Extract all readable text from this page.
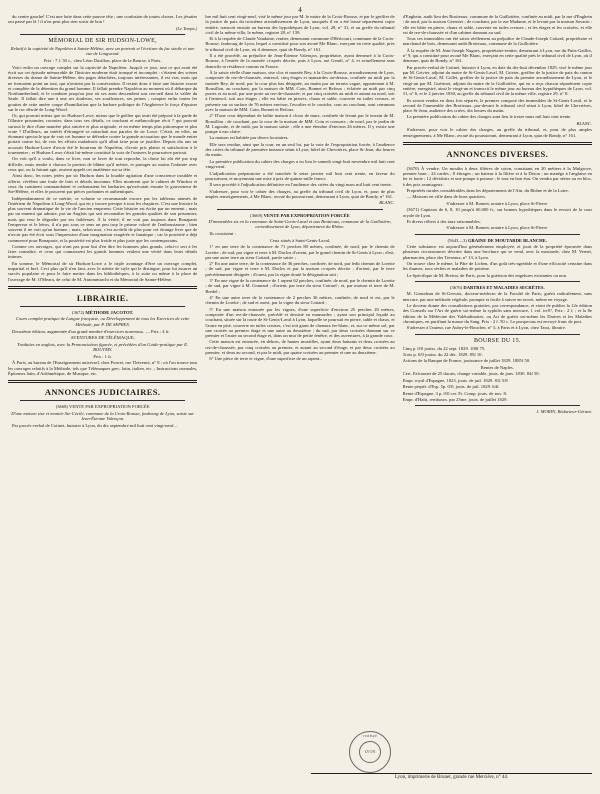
4

du centre gauche! C'est une lutte dans cette pauvre tête ; une confusion de toutes choses. Les jésuites out passé par là ! il n'en peut plus rien sortir de bon !

(Le Temps.)

MÉMORIAL DE SIR HUDSON-LOWE,
Relatif à la captivité de Napoléon à Sainte-Hélène, avec un portrait et l'écriture du fac simile et une vue de Longwood.

Prix : 7 f. 50 c., chez Léon Dusillon, place de la Bourse, à Paris.

Voici enfin un ouvrage complet sur la captivité de Napoléon. Jusqu'à ce jour, tout ce qui avait été écrit sur cet épisode mémorable de l'histoire moderne était tronqué et incomplet : c'étaient des scènes diverses du drame de Sainte-Hélène, des pages détachées, toujours intéressantes, il est vrai, mais qui ne formaient point un tout, qui n'avaient pas la consécration. Il restait donc à faire une histoire exacte et complète de la détention du grand homme. Il fallait prendre Napoléon au moment où il débarque du Northumberland, et le conduire jusqu'au jour où ses amis descendent son cercueil dans la vallée du Saule. Il fallait dire une à une ses douleurs, ses souffrances, ses peines ; compter enfin toutes les gouttes de cette amère coupe d'humiliation que la barbare politique de l'Angleterre le força d'épuiser sur le roc désolé de Long-Wood.

Or, qui pouvait mieux que sir Hudson-Lowe, mieux que le geôlier qui avait été préposé à la garde de l'illustre prisonnier, raconter, dans tous ses détails, ce touchant et mélancolique récit ? qui pouvait surtout le dire d'une manière plus sincère et plus originale, et en même temps plus pittoresque et plus vraie ? D'ailleurs, un intérêt d'étrangeté se rattachait aux paroles de sir Lowe. C'était, en effet, un étonnant spectacle que de voir cet homme se défendre contre la grande accusation que le monde entier portait contre lui, de voir les efforts maladroits qu'il allait faire pour se justifier. Depuis dix ans on accusait Hudson-Lowe d'avoir été le bourreau de Napoléon, d'avoir pris plaisir et satisfaction à le tourmenter ; et Hudson-Lowe s'était lui-même constitué la voix de l'univers le poursuivre partout.

On voit qu'il a voulu, dans ce livre, non se laver de tout reproche, la chose lui eût été par trop difficile, mais rendre à chacun la portion de blâme qu'il mérite, et partager au moins l'infamie avec ceux qui, ou la faisant agir, avaient appelé cet anathème sur sa tête.

Ainsi donc, les notes jetées par sir Hudson dans la louable agitation d'une conscience troublée et offerte, révèlent une foule de faits et détails inconnus. Elles montrent que le cabinet de Windsor et ceux du continent commandaient et ordonnaient les barbaries qu'exécutait ensuite le gouverneur de Ste-Hélène, et elles le prouvent par pièces probantes et authentiques.

Indépendamment de ce mérite, ce volume se recommande encore par les tableaux animés de l'intérieur de Napoléon à Long-Wood, qui en y trouve presque à tous les chapitres. C'est une histoire la plus souvent dramatique de la vie de l'ancien empereur. Cette histoire est écrite par un ennemi ; mais par un ennemi qui admire, par un Anglais qui sait reconnaître les grandes qualités de son prisonnier, mais qui veut le dégrader par ses faiblesses. À la vérité, il ne voit pas toujours dans Bonaparte l'empereur et le héros, il n'a pas sous ce sens un peu trop le prisme coloré de l'enthousiasme ; bien souvent il ne voit qu'un homme ; mais, selon moi, c'est au-delà de plus pour cet étrange livre que de n'avoir pas été écrit sous l'impression d'une imagination exagérée et fanatique ; car la postérité a déjà commencé pour Bonaparte, et la postérité est plus froide et plus juste que les contemporains.

Comme ces ouvrages, qui n'ont pas pour but d'en dire les hommes plus grands, celui-ci sert à les faire connaître, et ceux qui connaissent les grands hommes veulent une vérité dans leurs détails intimes.

En somme, le Mémorial de sir Hudson-Lowe a le triple avantage d'être un ouvrage complet, impartial et bref. Ceci plus qu'il n'en faut, avec le mérite de style qui le distingue, pour lui assurer un succès populaire et pour le faire mettre dans les bibliothèques, à la suite ou même à la place de l'ouvrage de M. O'Meara, de celui de M. Antommarchi et du Mémorial de Sainte-Hélène.

LIBRAIRIE.

(3672) MÉTHODE JACOTOT.

Cours complet pratique de Langue française, ou Développement de tous les Exercices de cette Méthode, par P. DE SEPRES.

Deuxième édition, augmentée d'un grand nombre d'exercices nouveaux. — Prix : 4 fr.

AVENTURES DE TÉLÉMAQUE,

Traduites en anglais, avec la Prononciation figurée, et précédées d'un Guide-pratique par E. BOUTMY.

Prix : 1 fr.

À Paris, au bureau de l'Enseignement universel, chez Poncet, rue Thévenot, n° 8 ; où l'on trouve tous les ouvrages relatifs à la Méthode, tels que Télémaques grec, latin, italien, etc. ; Instructions normales, Épitomes latin, d'Arithmétique, de Musique, etc.

ANNONCES JUDICIAIRES.

(3668) VENTE PAR EXPROPRIATION FORCÉE

D'une maison sise et montée Ste-Cécile, commune de la Croix-Rousse, faubourg de Lyon, saisie sur Jean-Étienne Valençon.

Par procès-verbal de Cotinet, huissier à Lyon, du dix septembre mil huit cent vingt-neuf...

bre mil huit cent vingt-neuf, visé le même jour par M. le maire de la Croix-Rousse, et par le greffier de la justice de paix du troisième arrondissement de Lyon, auxquels il en a été laissé séparément copie entière, transcrit ensuite au bureau des hypothèques de Lyon, vol. 28, n° 31, et au greffe du tribunal civil de la même ville, le même, registre 28, n° 139.

Et à la requête de Claude Vaudaine, rentier, demeurant commune d'Héricourt, commune de la Croix-Rousse, faubourg de Lyon, lequel a constitué pour son avoué Me Blanc, exerçant en cette qualité, près le tribunal civil de Lyon, où il demeure, quai de Bondy, n° 161.

Il a été procédé, au préjudice de Jean-Étienne Valençon, propriétaire, ayant demeuré à la Croix-Rousse, à l'entrée de la montée ci-après décrite, puis à Lyon, rue Gentil, n° 4, et actuellement sans domicile ni résidence connus en France.

À la saisie réelle d'une maison, sise clos et montée Rey, à la Croix-Rousse, arrondissement de Lyon, composée de rez-de-chaussée, entresol, cinq étages et mansardes au-dessus, confinée au midi par la montée Rey, de nord, par la cour plus bas désignée, au matin par un terrain vague, appartenant à M. Rousillon, au couchant, par la maison de MM. Coin, Bonnet et Refoux ; éclairée au midi par cinq portes et au nord, par une porte au rez-de-chaussée, et par cinq croisées au midi et autant au nord, soit à l'entresol, soit aux étages ; elle est bâtie en pierres, chaux et sable, couverte en tuiles creuses, et présente sur sa surface de 76 mètres environ, l'escalier et le corridor, cour au couchant, sont communs avec la maison de MM. Coin, Bonnet et Refoux.

2° D'une cour dépendant de ladite maison à cloux de murs, confinée de levant par le terrain de M. Rousillon ; de couchant, par la cour de la maison de MM. Coin et consorts ; de nord, par le jardin de M. Lagoutte, et de midi, par la maison saisie ; elle a une étendue d'environ 26 mètres. Il y existe une pompe à eau claire.

La maison est habitée par divers locataires.

Elle sera vendue, ainsi que la cour, en un seul lot, par la voie de l'expropriation forcée, à l'audience des criées du tribunal de première instance séant à Lyon, hôtel de Chevrières, place St-Jean, dix heures du matin.

La première publication du cahier des charges a eu lieu le samedi vingt-huit novembre mil huit cent vingt-neuf.

L'adjudication préparatoire a été tranchée le seize janvier mil huit cent trente, en faveur du poursuivant, et moyennant une mise à prix de quinze mille francs.

Il sera procédé à l'adjudication définitive en l'audience des criées du vingt mars mil huit cent trente.

S'adresser, pour voir le cahier des charges, au greffe du tribunal civil de Lyon, et, pour de plus amples renseignements, à Me Blanc, avoué du poursuivant, demeurant à Lyon, quai de Bondy, n° 161.

BLANC.

(3669) VENTE PAR EXPROPRIATION FORCÉE

D'immeubles sis en la commune de Saint-Genis-Laval et aux Brotteaux, commune de la Guillotière, arrondissement de Lyon, département du Rhône.

Ils consistent :

Ceux situés à Saint-Genis-Laval,

1° en une terre de la contenance de 71 perches 80 mètres, confinée, de nord, par le chemin de Lorette ; de sud, par vigne et terre à M. Duclos d'orient, par le grand chemin de St-Genis à Lyon ; d'est, par une autre terre au sieur Cottard, partie saisie ;

2° En une autre terre, de la contenance de 36 perches, confinée, de nord, par ledit chemin de Lorette ; de sud, par vigne et terre à M. Duclos et par la maison ci-après décrite ; d'orient, par le terre précédemment désignée ; d'ouest, par la vigne douté la désignation suit ;

3° En une vigne de la contenance de 1 arpent 62 perches, confinée, de nord, par le chemin de Lorette ; de sud, par vigne à M. Gonnard ; d'orient, par terre du sieur Cottard ; et, par maison et terre de M. Bredel ;

4° En une autre terre de la contenance de 2 perches 36 mètres, confinée, de nord et est, par le chemin de Lorette ; de sud et ouest, par la vigne du sieur Cottard ;

5° En une maison entourée par les vignes, d'une superficie d'environ 25 perches 20 mètres, composée d'un rez-de-chaussée, précédé et dessiné en mansardes ; ayant son principal façade au couchant, située sur la route de St-Genis-Laval à Lyon, laquelle se poursuit en pierre, sable et chaux, et l'autre en pisé, couverte en tuiles creuses, c'est toit garni de chenaux fer-blanc, et, sur ce même sol, par une croisée au premier étage et une autre au deuxième ; du sud, par deux croisées donnant sur ce premier et l'autre au second étage et, dans un mur de petite fenêtre, et des ouvertures, à la grande cour.

Cette maison est entourée, en dehors, de hautes murailles, ayant deux battants et deux croisées au rez-de-chaussée, par cinq croisées au premier, et autant au second d'étage, et par deux croisées au premier, et deux au second, et par le midi, par quatre croisées au premier et une au deuxième.

6° Une pièce de terre et vigne, d'une superficie de un arpent...

d'Enghein, audit lieu des Brotteaux, commune de la Guillotière, confinée au midi, par la rue d'Enghein ; de nord, par la maison Gerentet ; de couchant, par la rue Madame, et le levant par la maison Savarin : elle est bâtie en pierre, chaux et sable, couverte en tuiles creuses ; et les étages et les croisées, et elle est de rez-de-chaussée et d'un cabinet donnant au sud.

Tous ces immeubles ont été saisis réellement au préjudice de Claude-Joseph Cottard, propriétaire et marchand de bois, demeurant audit Brotteaux, commune de la Guillotière.

À la requête de M. Jean-Joseph Nugues, propriétaire-rentier, demeurant à Lyon, rue du Puits-Gaillot, n° 9, qui a constitué pour avoué Me Blanc, exerçant en cette qualité près le tribunal civil de Lyon, où il demeure, quai de Bondy, n° 161.

Par procès-verbal de Cotinet, huissier à Lyon, en date du dix-huit décembre 1829, visé le même jour par M. Grivier, adjoint du maire de St-Genis-Laval, M. Grivier, greffier de la justice de paix du canton de St-Genis-Laval, M. Collet, greffier de la justice de paix du premier arrondissement de Lyon, et le vingt-un par M. Guérinot, adjoint du maire de la Guillotière, qui en a reçu chacun séparément copie entière, enregistré, ainsi le vingt-un et transcrit le même jour au bureau des hypothèques de Lyon, vol. 31, n° 6, et le 2 janvier 1830, au greffe du tribunal civil de la même ville, registre 29, n° 8.

Ils seront vendus en deux lots séparés, le premier composé des immeubles de St-Genis-Laval, et le second de l'immeuble des Brotteaux, par-devant le tribunal civil séant à Lyon, hôtel de Chevrières, place St-Jean, audience des criées, dix heures du matin.

La première publication du cahier des charges aura lieu le treize mars mil huit cent trente.

BLANC.

S'adresser, pour voir le cahier des charges, au greffe du tribunal, et, pour de plus amples renseignements, à Me Blanc, avoué du poursuivant, demeurant à Lyon, quai de Bondy, n° 161.

ANNONCES DIVERSES.

(3670) À vendre. Un moulin à deux filières de coton, consistant en 20 métiers à la Mulgrove, premier banc : 24 cardes ; 8 étirages ; un batteur à la filière et à la Dixon ; un manège à l'anglaise en fer et fonte ; 12 dévidoirs et une pompe à potasse ; le tout en bon état. On vendra par séries ou en bloc, à des prix avantageux.

Propriétés rurales considérables dans les départements de l'Ain, du Rhône et de la Loire.

— Maisons en ville dans de bons quartiers.

S'adresser à M. Bonnet, notaire à Lyon, place St-Pierre.

(3671) Capitaux de 6, 8, 10 jusqu'à 60,000 fr., sur bonnes hypothèques dans le ressort de la cour royale de Lyon.

Et divers rôliers à des taux raisonnables.

S'adresser à M. Bonnet, notaire à Lyon, place St-Pierre.

(5643—3) GRAINE DE MOUTARDE BLANCHE.

Cette substance est aujourd'hui généralement employée, et jouit de la propriété éprouvée dans plusieurs circonstances décrites dans une brochure qui se vend, avec la moutarde, chez M. Vernet, pharmacien, place des Terreaux, n° 13, à Lyon.

On trouve chez le même, la Pâte de Lichen, d'un goût très-agréable et d'une efficacité certaine dans les rhumes, toux sèches et maladies de poitrine.

Le Spécifique de M. Breton, de Paris, pour la guérison des engelures existantes ou non.

(3676) DARTRES ET MALADIES SECRÈTES.

M. Giraudeau de St-Gervais, docteur-médecin de la Faculté de Paris, guérit radicalement, sans mercure, par une méthode végétale, prompte et facile à suivre en secret, même en voyage.

Le docteur donne des consultations gratuites, par correspondance, et vient de publier la 12e édition des Conseils sur l'Art de guérir soi-même la syphilis sans mercure, 1 vol. in-8°, Prix : 2 f. ; et la 8e édition de la Médecine des Valétudinaires, ou Art de guérir soi-même les Dartres et les Maladies chroniques, en purifiant la masse du Sang. Prix : 2 f. 50 c. Le prospectus est envoyé franc de port.

S'adresser à l'auteur, rue Aubry-le-Boucher, n° 5, à Paris et à Lyon, chez Tassi, libraire.

BOURSE DU 15.

Cinq p. 0/0 jouiss. du 22 sept. 1829. 108f 75.

Trois p. 0/0 jouiss. du 22 déc. 1829. 85f 10.

Actions de la Banque de France, jouissance de juillet 1829. 1885f 50.

Rentes de Naples.

Cert. Falconnet de 25 ducats, change variable, jouis. de janv. 1830. 84f 50.

Empr. royal d'Espagne, 1823, jouis. de juil. 1829. 81f 5/8

Rente perpét. d'Esp. 5p. 0/0, jouis. de juil. 1829. 64f.

Rente d'Espagne, 3 p. 0/0 cer. Fr. Comp. jouis. de nov. 8.

Empr. d'Haïti, rembours. par 25me, jouis. de juillet 1829.

J. MORIN, Rédacteur-Gérant.

TIMBRE
LYON
Lyon, imprimerie de Brunet, grande rue Mercière, n° 44.
